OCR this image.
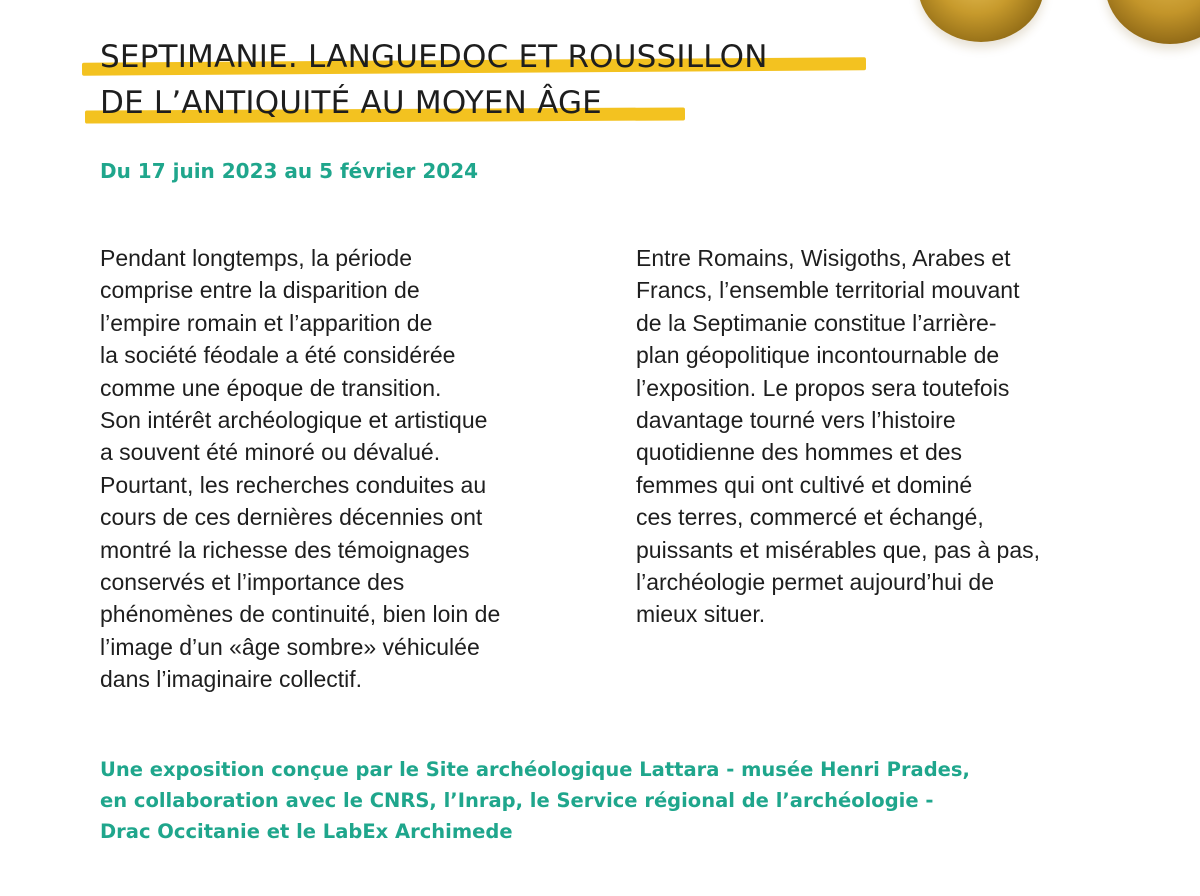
SEPTIMANIE. LANGUEDOC ET ROUSSILLON
DE L’ANTIQUITÉ AU MOYEN ÂGE

Du 17 juin 2023 au 5 février 2024

Pendant longtemps, la période
comprise entre la disparition de
l’empire romain et l’apparition de
la société féodale a été considérée
comme une époque de transition.
Son intérêt archéologique et artistique
a souvent été minoré ou dévalué.
Pourtant, les recherches conduites au
cours de ces dernières décennies ont
montré la richesse des témoignages
conservés et l’importance des
phénomènes de continuité, bien loin de
l’image d’un «âge sombre» véhiculée
dans l’imaginaire collectif.
Entre Romains, Wisigoths, Arabes et
Francs, l’ensemble territorial mouvant
de la Septimanie constitue l’arrière-
plan géopolitique incontournable de
l’exposition. Le propos sera toutefois
davantage tourné vers l’histoire
quotidienne des hommes et des
femmes qui ont cultivé et dominé
ces terres, commercé et échangé,
puissants et misérables que, pas à pas,
l’archéologie permet aujourd’hui de
mieux situer.
Une exposition conçue par le Site archéologique Lattara - musée Henri Prades,
en collaboration avec le CNRS, l’Inrap, le Service régional de l’archéologie -
Drac Occitanie et le LabEx Archimede
